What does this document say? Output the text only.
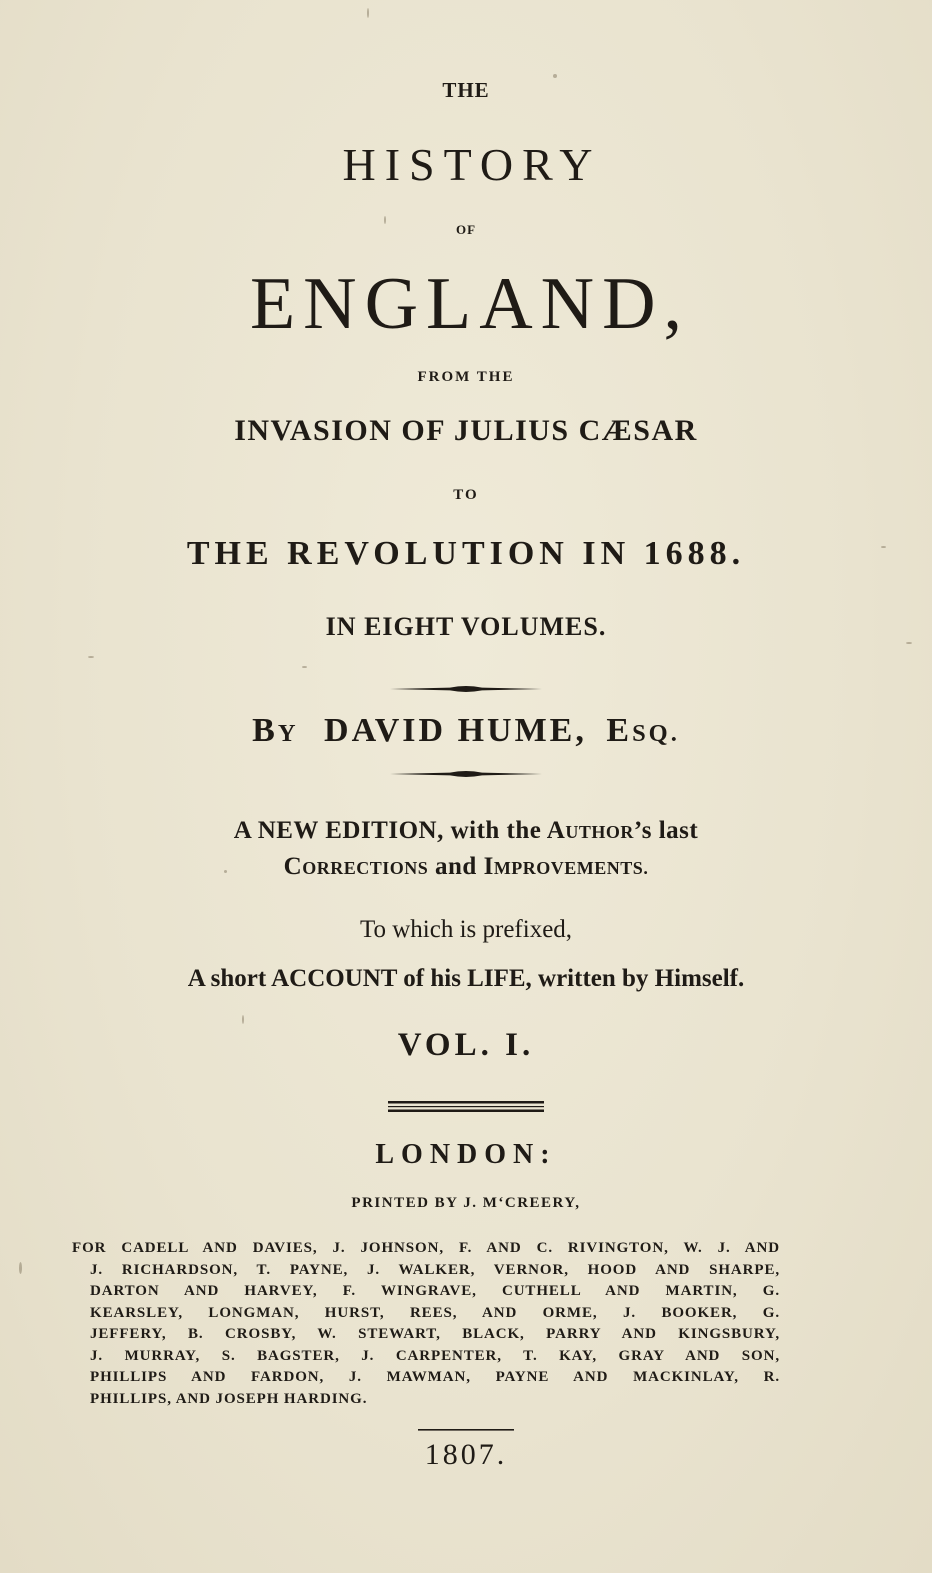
THE
HISTORY
OF
ENGLAND,
FROM THE
INVASION OF JULIUS CÆSAR
TO
THE REVOLUTION IN 1688.
IN EIGHT VOLUMES.
BY DAVID HUME, ESQ.
A NEW EDITION, with the AUTHOR’s last
CORRECTIONS and IMPROVEMENTS.
To which is prefixed,
A short ACCOUNT of his LIFE, written by Himself.
VOL. I.
LONDON:
PRINTED BY J. M‘CREERY,
FOR CADELL AND DAVIES, J. JOHNSON, F. AND C. RIVINGTON, W. J. AND
J. RICHARDSON, T. PAYNE, J. WALKER, VERNOR, HOOD AND SHARPE,
DARTON AND HARVEY, F. WINGRAVE, CUTHELL AND MARTIN, G.
KEARSLEY, LONGMAN, HURST, REES, AND ORME, J. BOOKER, G.
JEFFERY, B. CROSBY, W. STEWART, BLACK, PARRY AND KINGSBURY,
J. MURRAY, S. BAGSTER, J. CARPENTER, T. KAY, GRAY AND SON,
PHILLIPS AND FARDON, J. MAWMAN, PAYNE AND MACKINLAY, R.
PHILLIPS, AND JOSEPH HARDING.
1807.
